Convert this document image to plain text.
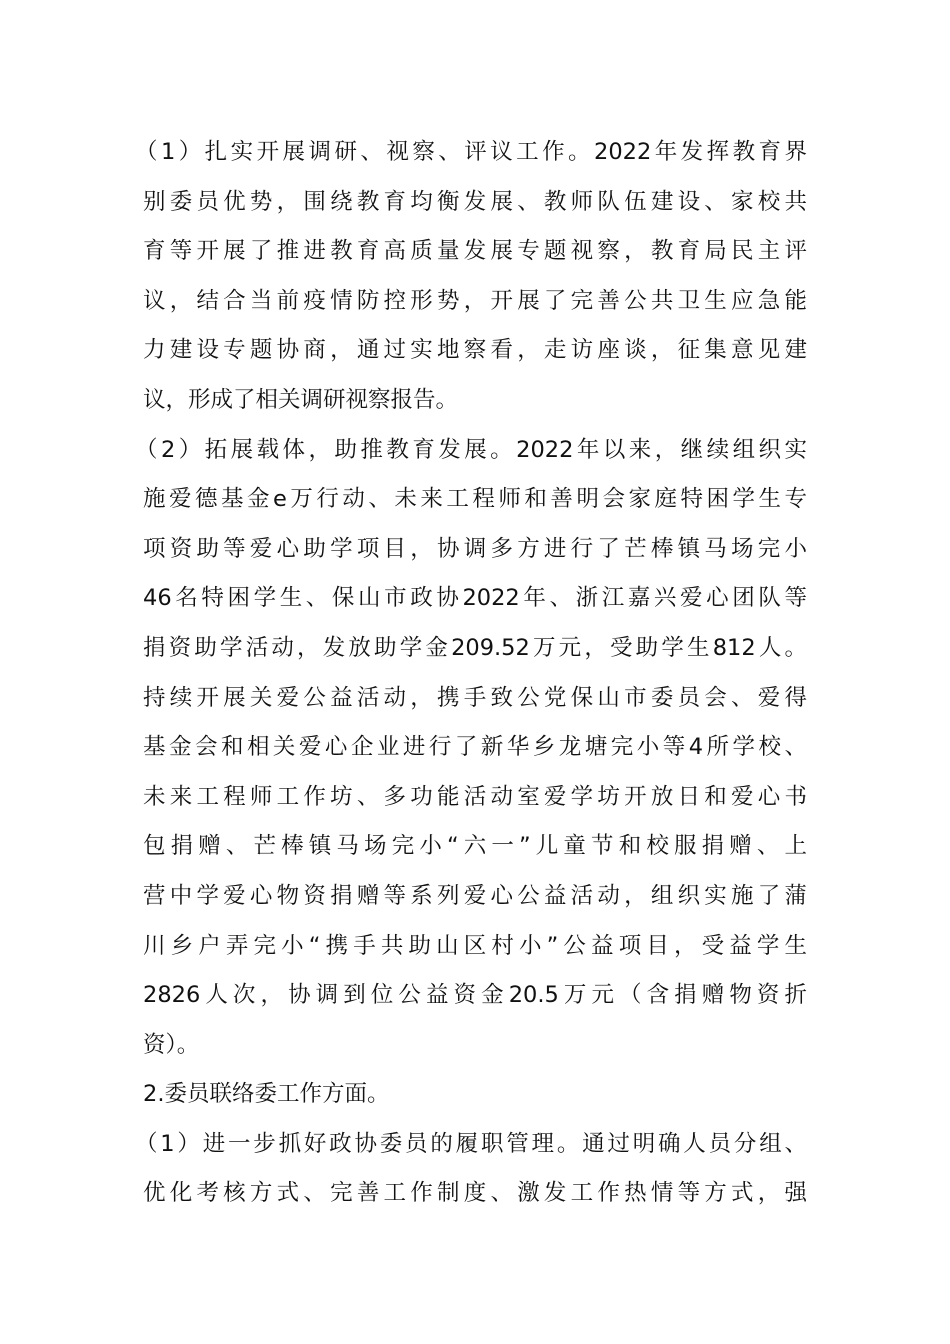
（1）扎实开展调研、视察、评议工作。2022年发挥教育界
别委员优势，围绕教育均衡发展、教师队伍建设、家校共
育等开展了推进教育高质量发展专题视察，教育局民主评
议，结合当前疫情防控形势，开展了完善公共卫生应急能
力建设专题协商，通过实地察看，走访座谈，征集意见建
议，形成了相关调研视察报告。
（2）拓展载体，助推教育发展。2022年以来，继续组织实
施爱德基金e万行动、未来工程师和善明会家庭特困学生专
项资助等爱心助学项目，协调多方进行了芒棒镇马场完小
46名特困学生、保山市政协2022年、浙江嘉兴爱心团队等
捐资助学活动，发放助学金209.52万元，受助学生812人。
持续开展关爱公益活动，携手致公党保山市委员会、爱得
基金会和相关爱心企业进行了新华乡龙塘完小等4所学校、
未来工程师工作坊、多功能活动室爱学坊开放日和爱心书
包捐赠、芒棒镇马场完小“六一”儿童节和校服捐赠、上
营中学爱心物资捐赠等系列爱心公益活动，组织实施了蒲
川乡户弄完小“携手共助山区村小”公益项目，受益学生
2826人次，协调到位公益资金20.5万元（含捐赠物资折
资）。
2.委员联络委工作方面。
（1）进一步抓好政协委员的履职管理。通过明确人员分组、
优化考核方式、完善工作制度、激发工作热情等方式，强
